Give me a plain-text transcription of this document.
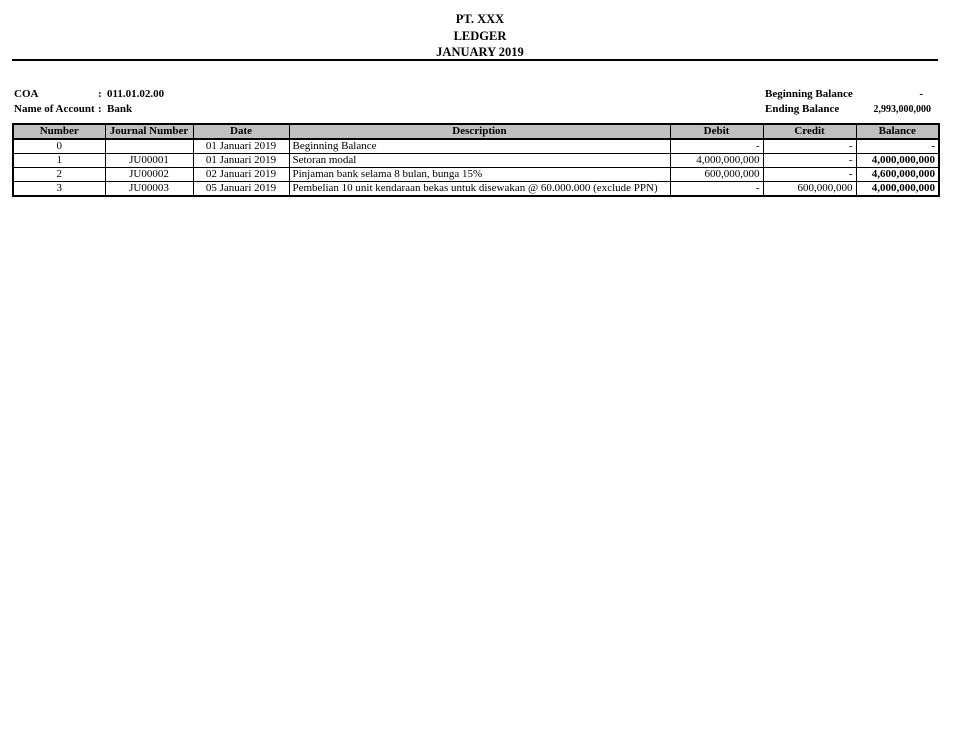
PT. XXX
LEDGER
JANUARY 2019
COA	: 011.01.02.00
Name of Account : Bank
Beginning Balance	-
Ending Balance	2,993,000,000
Number	Journal Number	Date	Description	Debit	Credit	Balance
0		01 Januari 2019	Beginning Balance	-	-	-
1	JU00001	01 Januari 2019	Setoran modal	4,000,000,000	-	4,000,000,000
2	JU00002	02 Januari 2019	Pinjaman bank selama 8 bulan, bunga 15%	600,000,000	-	4,600,000,000
3	JU00003	05 Januari 2019	Pembelian 10 unit kendaraan bekas untuk disewakan @ 60.000.000 (exclude PPN)	-	600,000,000	4,000,000,000
